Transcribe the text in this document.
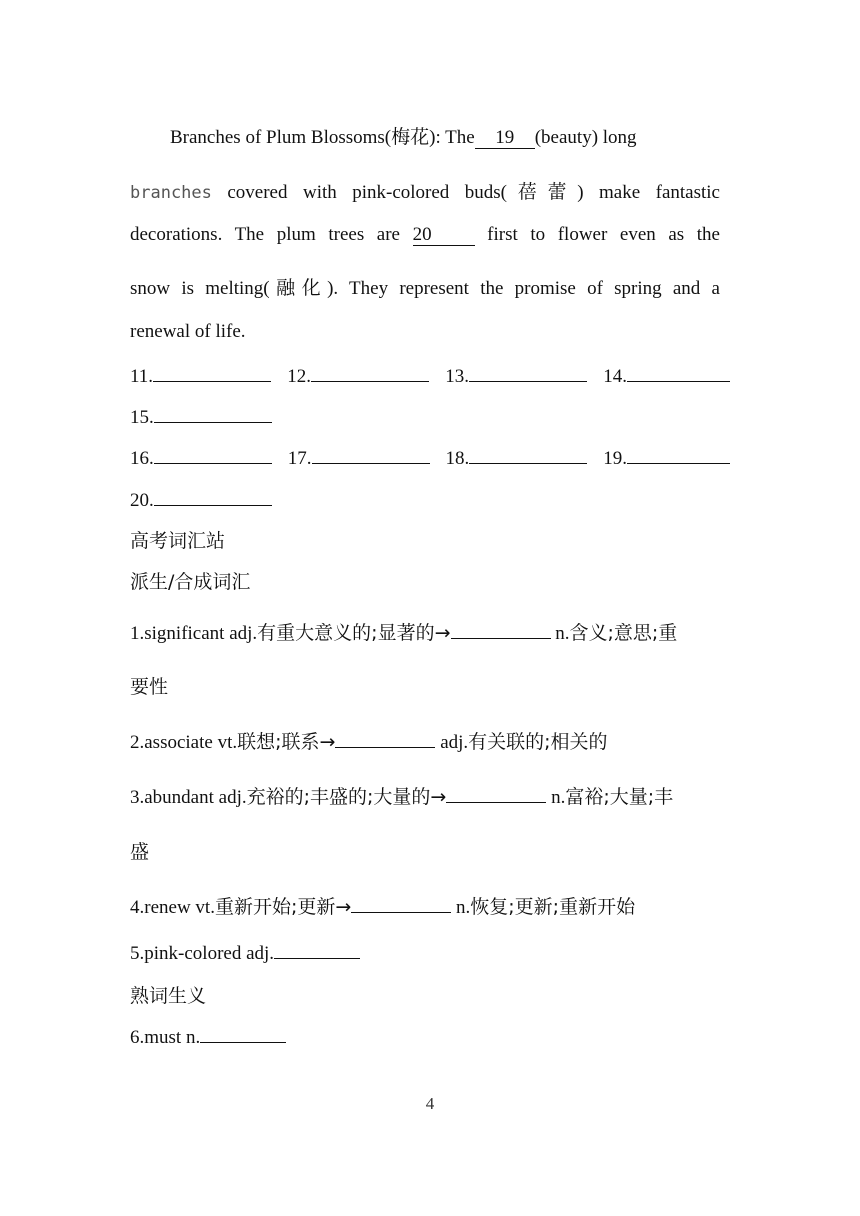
Branches of Plum Blossoms(梅花): The 19 (beauty) long
branches covered with pink-colored buds(蓓蕾) make fantastic
decorations. The plum trees are 20 first to flower even as the
snow is melting(融化). They represent the promise of spring and a
renewal of life.
11.	12.	13.	14.
15.
16.	17.	18.	19.
20.
高考词汇站
派生/合成词汇
1.significant adj.有重大意义的;显著的→	n.含义;意思;重
要性
2.associate vt.联想;联系→	adj.有关联的;相关的
3.abundant adj.充裕的;丰盛的;大量的→	n.富裕;大量;丰
盛
4.renew vt.重新开始;更新→	n.恢复;更新;重新开始
5.pink-colored adj.
熟词生义
6.must n.
4
